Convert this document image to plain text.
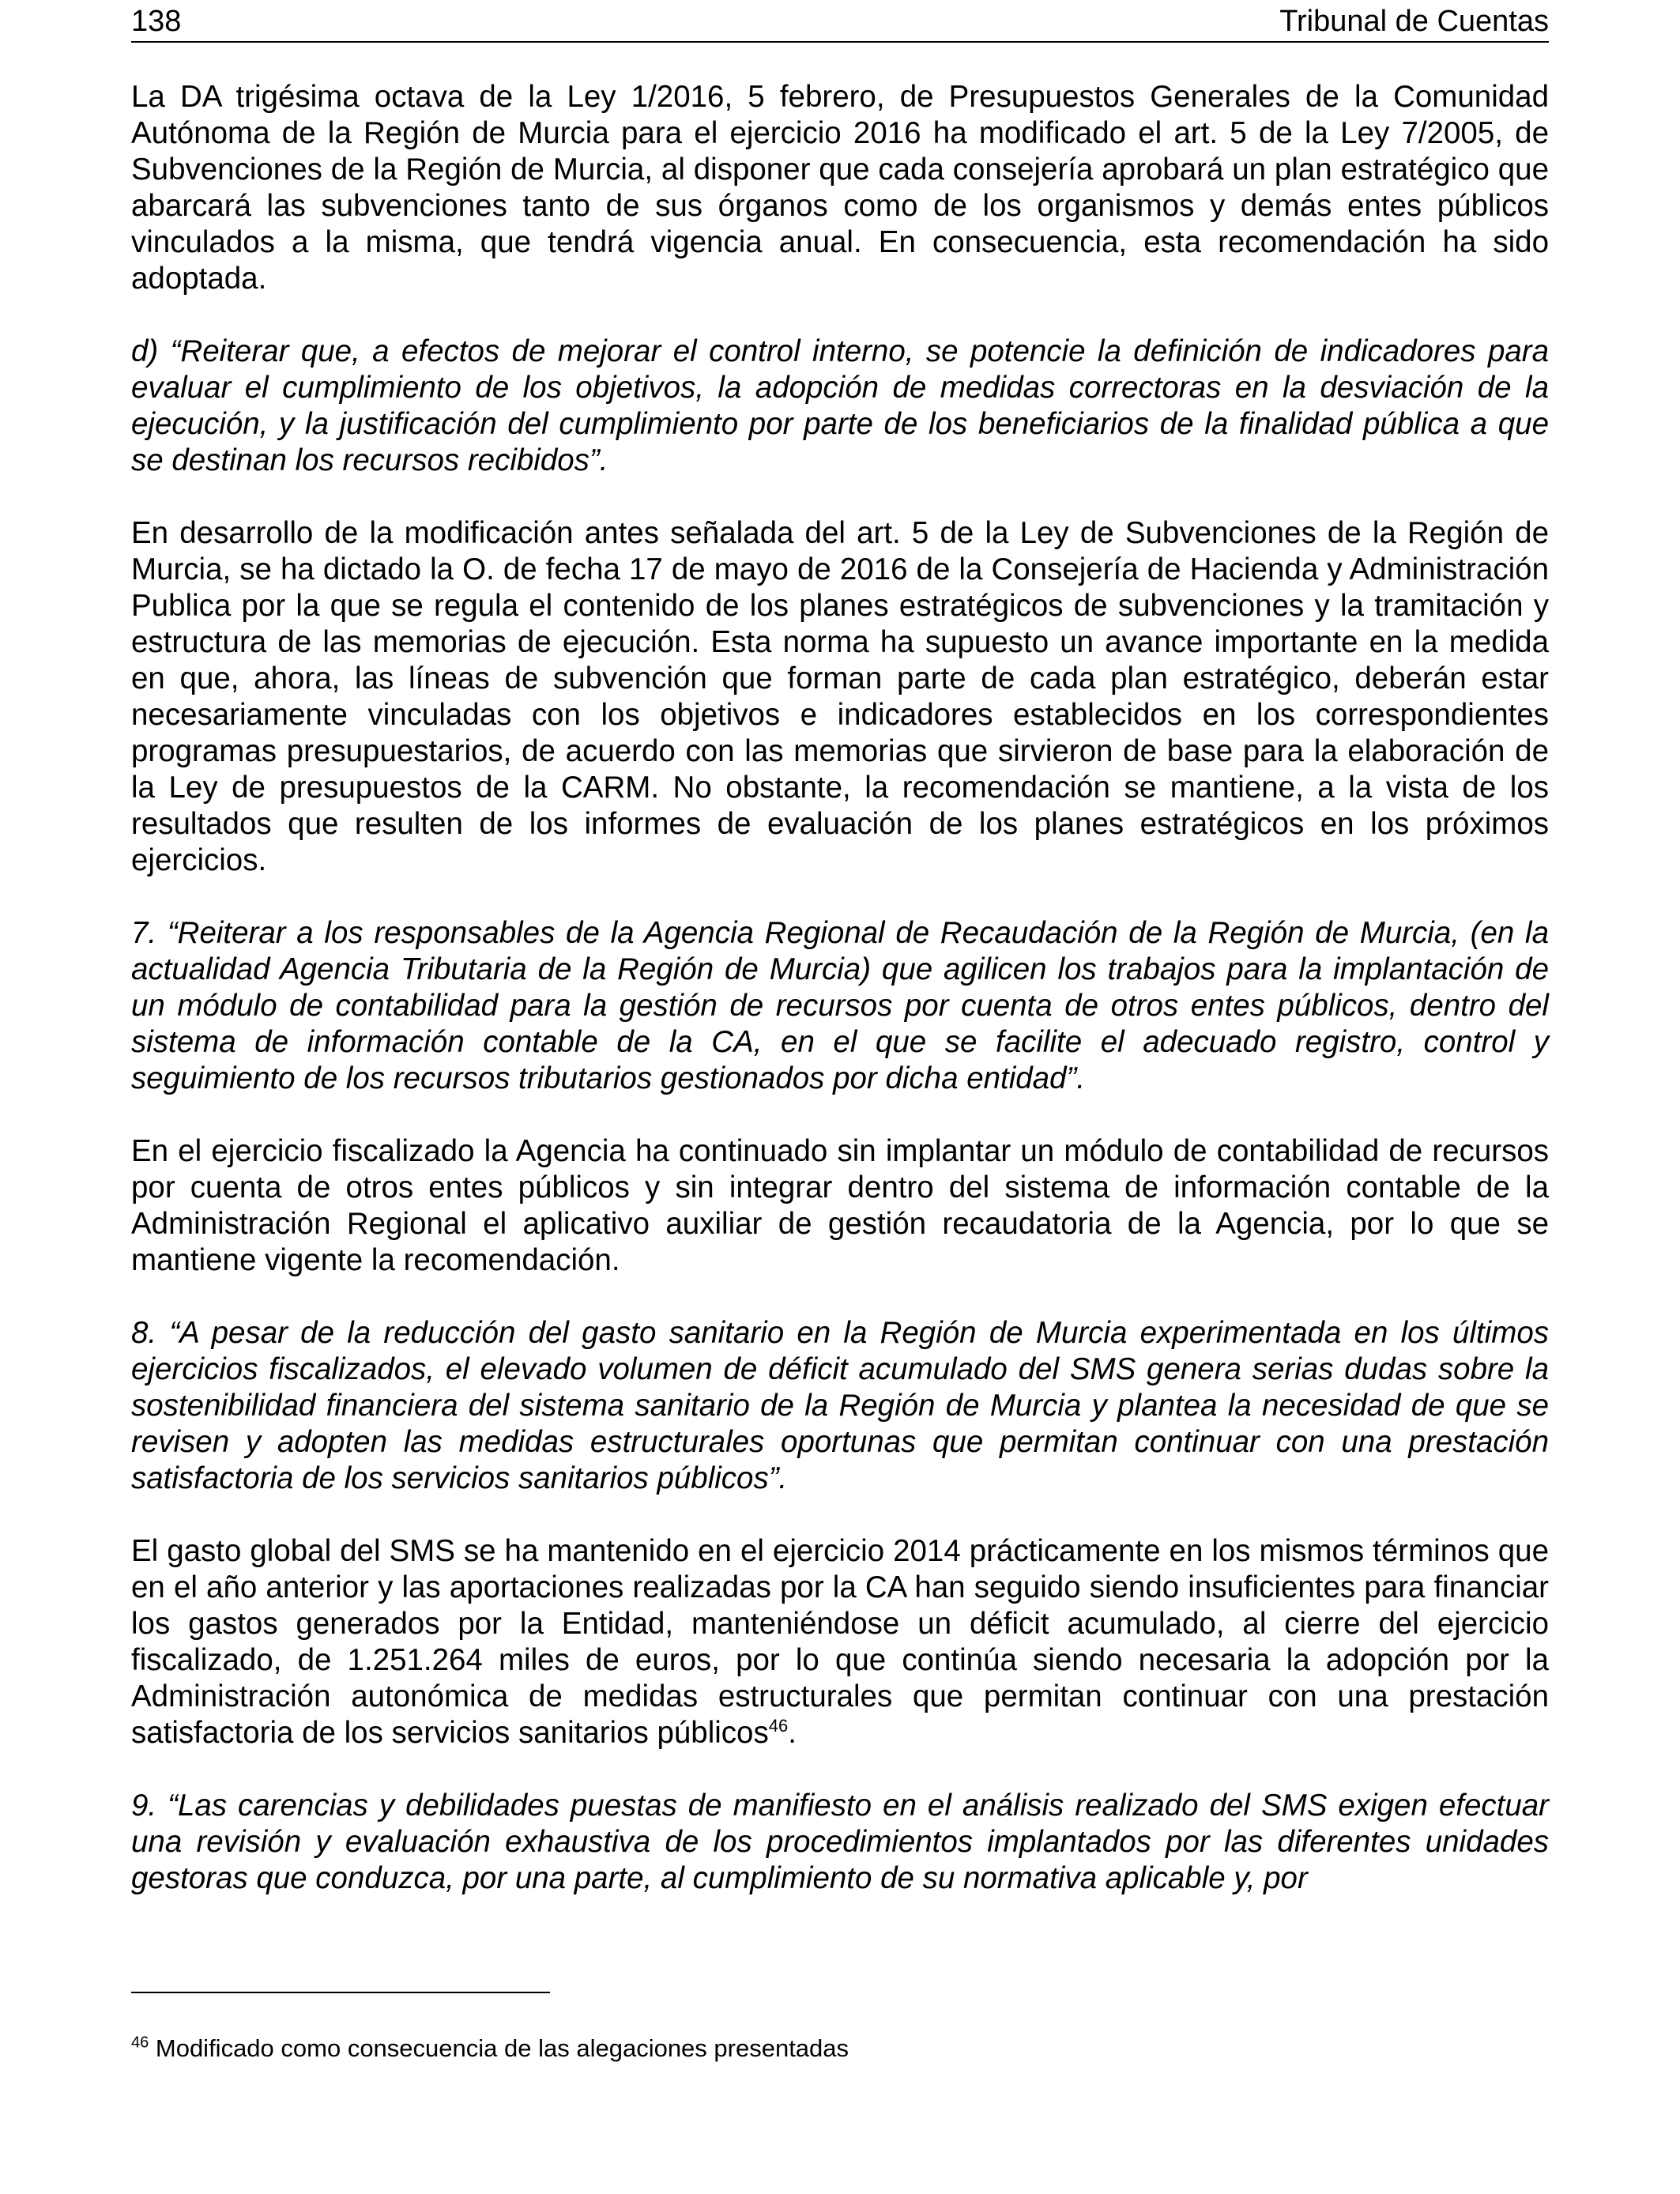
138	Tribunal de Cuentas

La DA trigésima octava de la Ley 1/2016, 5 febrero, de Presupuestos Generales de la Comunidad Autónoma de la Región de Murcia para el ejercicio 2016 ha modificado el art. 5 de la Ley 7/2005, de Subvenciones de la Región de Murcia, al disponer que cada consejería aprobará un plan estratégico que abarcará las subvenciones tanto de sus órganos como de los organismos y demás entes públicos vinculados a la misma, que tendrá vigencia anual. En consecuencia, esta recomendación ha sido adoptada.

d) “Reiterar que, a efectos de mejorar el control interno, se potencie la definición de indicadores para evaluar el cumplimiento de los objetivos, la adopción de medidas correctoras en la desviación de la ejecución, y la justificación del cumplimiento por parte de los beneficiarios de la finalidad pública a que se destinan los recursos recibidos”.

En desarrollo de la modificación antes señalada del art. 5 de la Ley de Subvenciones de la Región de Murcia, se ha dictado la O. de fecha 17 de mayo de 2016 de la Consejería de Hacienda y Administración Publica por la que se regula el contenido de los planes estratégicos de subvenciones y la tramitación y estructura de las memorias de ejecución. Esta norma ha supuesto un avance importante en la medida en que, ahora, las líneas de subvención que forman parte de cada plan estratégico, deberán estar necesariamente vinculadas con los objetivos e indicadores establecidos en los correspondientes programas presupuestarios, de acuerdo con las memorias que sirvieron de base para la elaboración de la Ley de presupuestos de la CARM. No obstante, la recomendación se mantiene, a la vista de los resultados que resulten de los informes de evaluación de los planes estratégicos en los próximos ejercicios.

7. “Reiterar a los responsables de la Agencia Regional de Recaudación de la Región de Murcia, (en la actualidad Agencia Tributaria de la Región de Murcia) que agilicen los trabajos para la implantación de un módulo de contabilidad para la gestión de recursos por cuenta de otros entes públicos, dentro del sistema de información contable de la CA, en el que se facilite el adecuado registro, control y seguimiento de los recursos tributarios gestionados por dicha entidad”.

En el ejercicio fiscalizado la Agencia ha continuado sin implantar un módulo de contabilidad de recursos por cuenta de otros entes públicos y sin integrar dentro del sistema de información contable de la Administración Regional el aplicativo auxiliar de gestión recaudatoria de la Agencia, por lo que se mantiene vigente la recomendación.

8. “A pesar de la reducción del gasto sanitario en la Región de Murcia experimentada en los últimos ejercicios fiscalizados, el elevado volumen de déficit acumulado del SMS genera serias dudas sobre la sostenibilidad financiera del sistema sanitario de la Región de Murcia y plantea la necesidad de que se revisen y adopten las medidas estructurales oportunas que permitan continuar con una prestación satisfactoria de los servicios sanitarios públicos”.

El gasto global del SMS se ha mantenido en el ejercicio 2014 prácticamente en los mismos términos que en el año anterior y las aportaciones realizadas por la CA han seguido siendo insuficientes para financiar los gastos generados por la Entidad, manteniéndose un déficit acumulado, al cierre del ejercicio fiscalizado, de 1.251.264 miles de euros, por lo que continúa siendo necesaria la adopción por la Administración autonómica de medidas estructurales que permitan continuar con una prestación satisfactoria de los servicios sanitarios públicos$^{46}$.

9. “Las carencias y debilidades puestas de manifiesto en el análisis realizado del SMS exigen efectuar una revisión y evaluación exhaustiva de los procedimientos implantados por las diferentes unidades gestoras que conduzca, por una parte, al cumplimiento de su normativa aplicable y, por

$^{46}$ Modificado como consecuencia de las alegaciones presentadas
